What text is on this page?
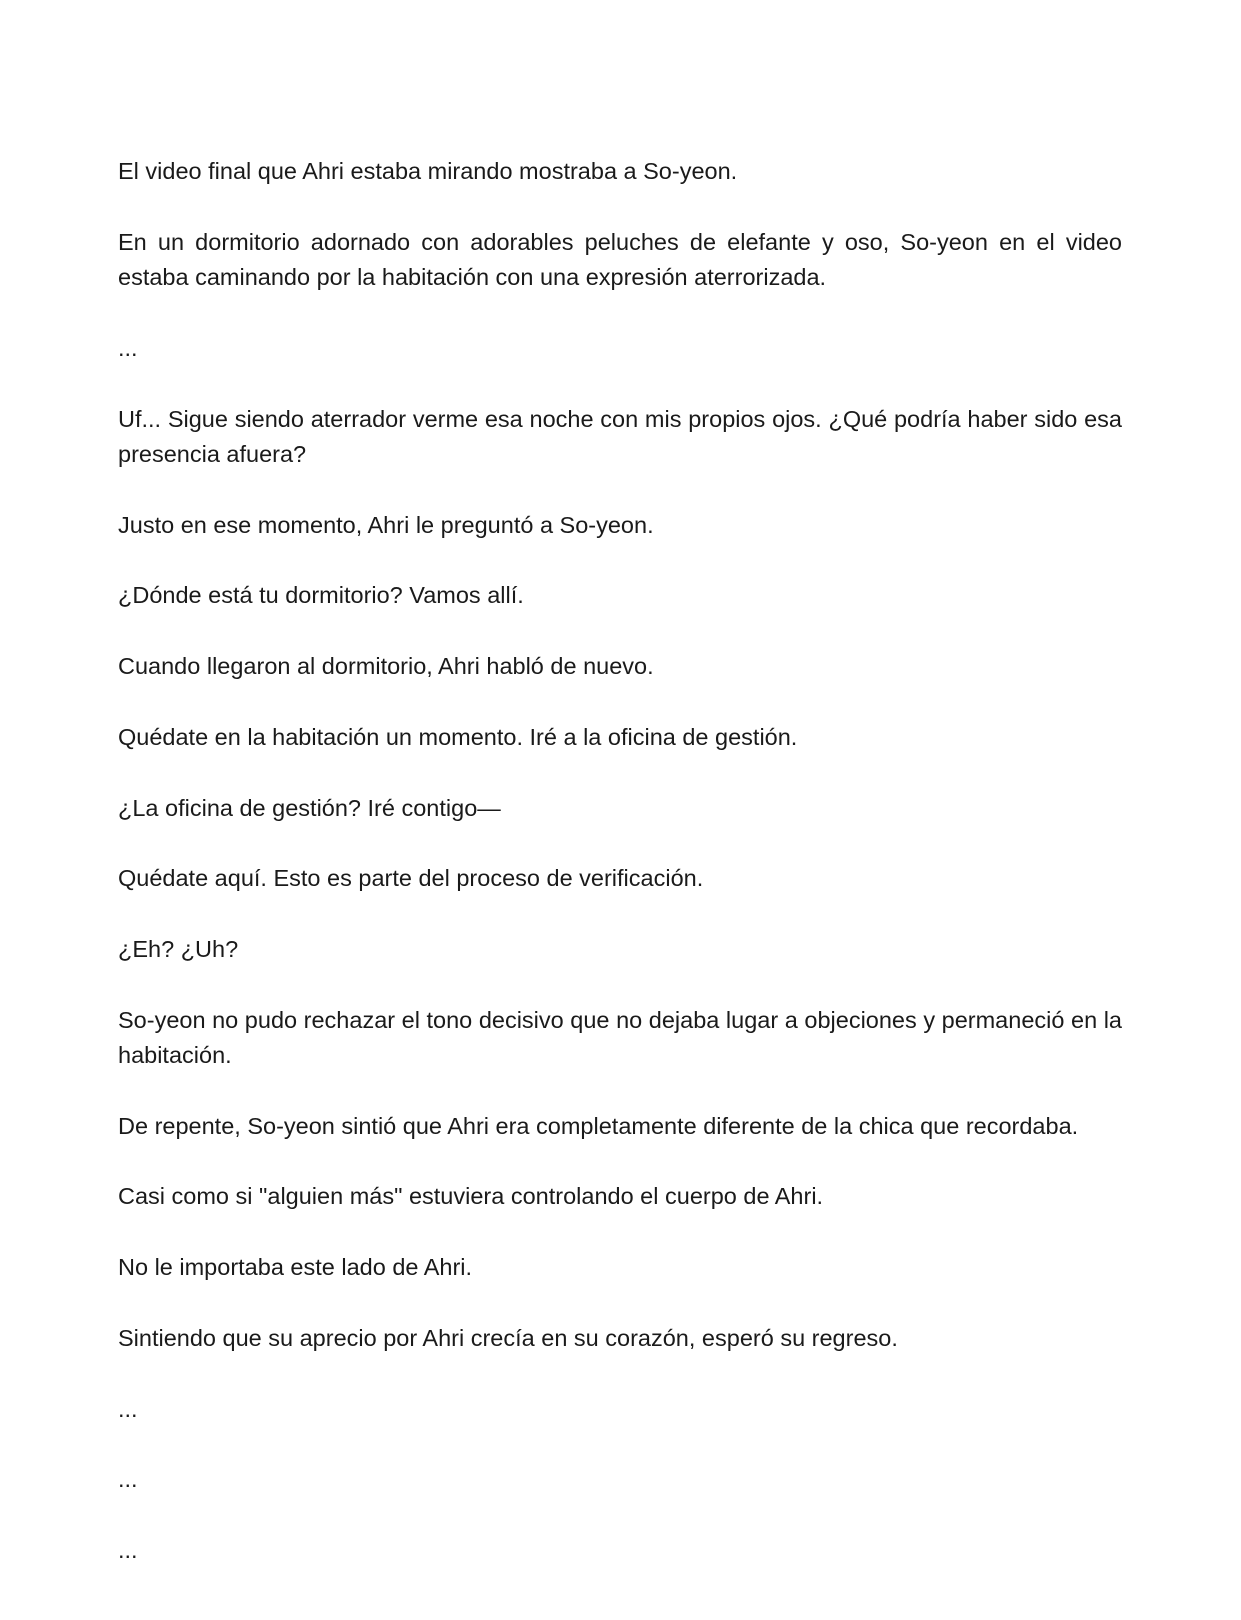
El video final que Ahri estaba mirando mostraba a So-yeon.

En un dormitorio adornado con adorables peluches de elefante y oso, So-yeon en el video estaba caminando por la habitación con una expresión aterrorizada.

...

Uf... Sigue siendo aterrador verme esa noche con mis propios ojos. ¿Qué podría haber sido esa presencia afuera?

Justo en ese momento, Ahri le preguntó a So-yeon.

¿Dónde está tu dormitorio? Vamos allí.

Cuando llegaron al dormitorio, Ahri habló de nuevo.

Quédate en la habitación un momento. Iré a la oficina de gestión.

¿La oficina de gestión? Iré contigo—

Quédate aquí. Esto es parte del proceso de verificación.

¿Eh? ¿Uh?

So-yeon no pudo rechazar el tono decisivo que no dejaba lugar a objeciones y permaneció en la habitación.

De repente, So-yeon sintió que Ahri era completamente diferente de la chica que recordaba.

Casi como si "alguien más" estuviera controlando el cuerpo de Ahri.

No le importaba este lado de Ahri.

Sintiendo que su aprecio por Ahri crecía en su corazón, esperó su regreso.

...

...

...
